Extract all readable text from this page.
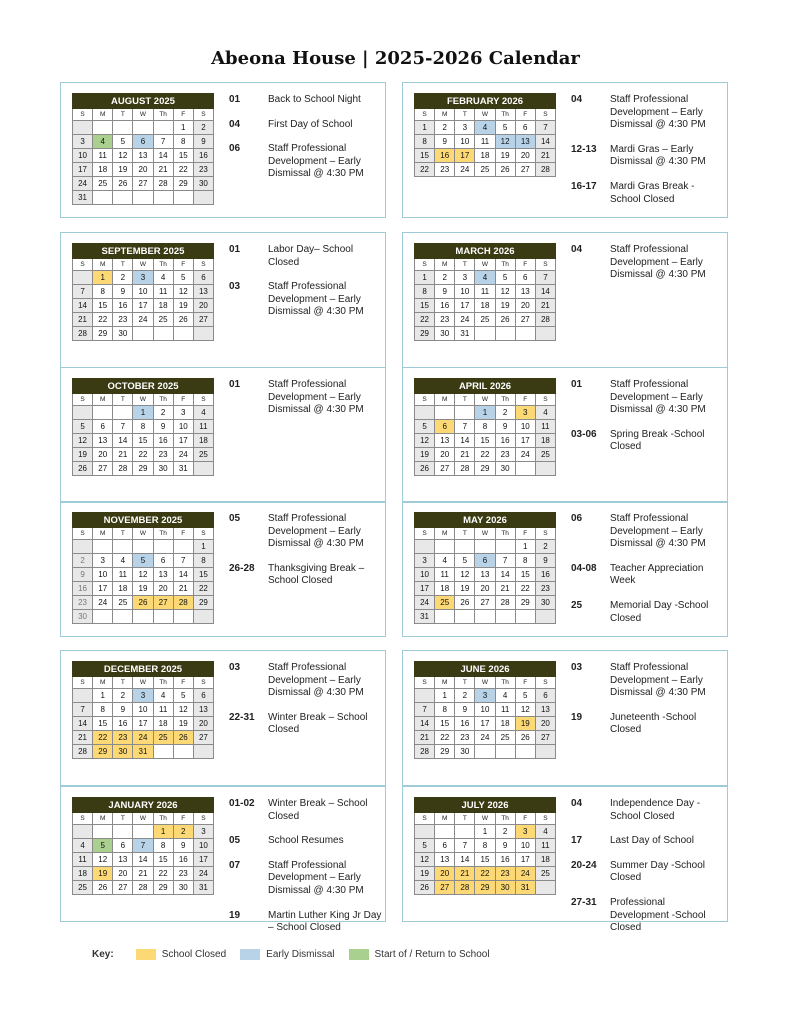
Abeona House | 2025-2026 Calendar
AUGUST 2025						
S	M	T	W	Th	F	S
					1	2
3	4	5	6	7	8	9
10	11	12	13	14	15	16
17	18	19	20	21	22	23
24	25	26	27	28	29	30
31						
01	Back to School Night
04	First Day of School
06	Staff Professional Development – Early Dismissal @ 4:30 PM
FEBRUARY 2026						
S	M	T	W	Th	F	S
1	2	3	4	5	6	7
8	9	10	11	12	13	14
15	16	17	18	19	20	21
22	23	24	25	26	27	28
04	Staff Professional Development – Early Dismissal @ 4:30 PM
12-13	Mardi Gras – Early Dismissal @ 4:30 PM
16-17	Mardi Gras Break - School Closed
SEPTEMBER 2025						
S	M	T	W	Th	F	S
	1	2	3	4	5	6
7	8	9	10	11	12	13
14	15	16	17	18	19	20
21	22	23	24	25	26	27
28	29	30				
01	Labor Day– School Closed
03	Staff Professional Development – Early Dismissal @ 4:30 PM
MARCH 2026						
S	M	T	W	Th	F	S
1	2	3	4	5	6	7
8	9	10	11	12	13	14
15	16	17	18	19	20	21
22	23	24	25	26	27	28
29	30	31				
04	Staff Professional Development – Early Dismissal @ 4:30 PM
OCTOBER 2025						
S	M	T	W	Th	F	S
			1	2	3	4
5	6	7	8	9	10	11
12	13	14	15	16	17	18
19	20	21	22	23	24	25
26	27	28	29	30	31	
01	Staff Professional Development – Early Dismissal @ 4:30 PM
APRIL 2026						
S	M	T	W	Th	F	S
			1	2	3	4
5	6	7	8	9	10	11
12	13	14	15	16	17	18
19	20	21	22	23	24	25
26	27	28	29	30		
01	Staff Professional Development – Early Dismissal @ 4:30 PM
03-06	Spring Break -School Closed
NOVEMBER 2025						
S	M	T	W	Th	F	S
						1
2	3	4	5	6	7	8
9	10	11	12	13	14	15
16	17	18	19	20	21	22
23	24	25	26	27	28	29
30						
05	Staff Professional Development – Early Dismissal @ 4:30 PM
26-28	Thanksgiving Break – School Closed
MAY 2026						
S	M	T	W	Th	F	S
					1	2
3	4	5	6	7	8	9
10	11	12	13	14	15	16
17	18	19	20	21	22	23
24	25	26	27	28	29	30
31						
06	Staff Professional Development – Early Dismissal @ 4:30 PM
04-08	Teacher Appreciation Week
25	Memorial Day -School Closed
DECEMBER 2025						
S	M	T	W	Th	F	S
	1	2	3	4	5	6
7	8	9	10	11	12	13
14	15	16	17	18	19	20
21	22	23	24	25	26	27
28	29	30	31			
03	Staff Professional Development – Early Dismissal @ 4:30 PM
22-31	Winter Break – School Closed
JUNE 2026						
S	M	T	W	Th	F	S
	1	2	3	4	5	6
7	8	9	10	11	12	13
14	15	16	17	18	19	20
21	22	23	24	25	26	27
28	29	30				
03	Staff Professional Development – Early Dismissal @ 4:30 PM
19	Juneteenth -School Closed
JANUARY 2026						
S	M	T	W	Th	F	S
				1	2	3
4	5	6	7	8	9	10
11	12	13	14	15	16	17
18	19	20	21	22	23	24
25	26	27	28	29	30	31
01-02	Winter Break – School Closed
05	School Resumes
07	Staff Professional Development – Early Dismissal @ 4:30 PM
19	Martin Luther King Jr Day – School Closed
JULY 2026						
S	M	T	W	Th	F	S
			1	2	3	4
5	6	7	8	9	10	11
12	13	14	15	16	17	18
19	20	21	22	23	24	25
26	27	28	29	30	31	
04	Independence Day - School Closed
17	Last Day of School
20-24	Summer Day -School Closed
27-31	Professional Development -School Closed
Key:	School Closed	Early Dismissal	Start of / Return to School
